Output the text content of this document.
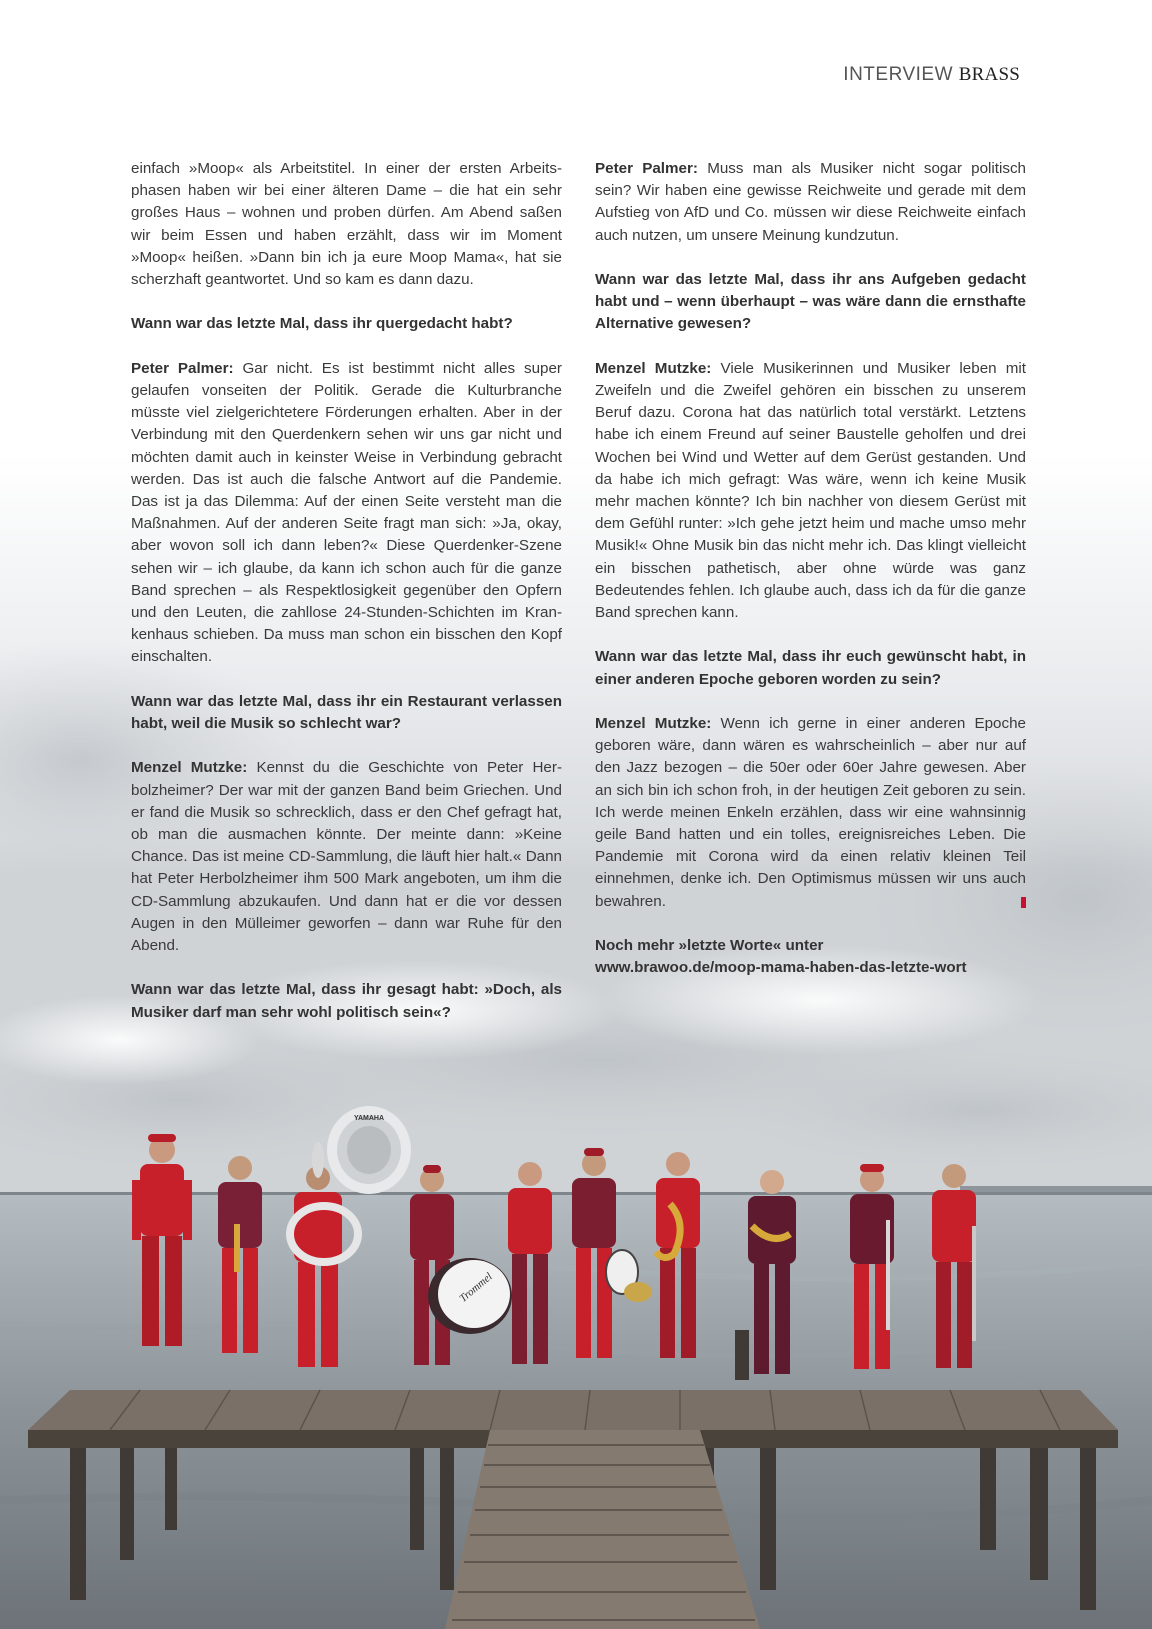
YAMAHA
Trommel
INTERVIEW BRASS

einfach »Moop« als Arbeitstitel. In einer der ersten Arbeitsphasen haben wir bei einer älteren Dame – die hat ein sehr großes Haus – wohnen und proben dürfen. Am Abend saßen wir beim Essen und haben erzählt, dass wir im Moment »Moop« heißen. »Dann bin ich ja eure Moop Mama«, hat sie scherzhaft geantwortet. Und so kam es dann dazu.

Wann war das letzte Mal, dass ihr quergedacht habt?

Peter Palmer: Gar nicht. Es ist bestimmt nicht alles super gelaufen vonseiten der Politik. Gerade die Kulturbranche müsste viel zielgerichtetere Förderungen erhalten. Aber in der Verbindung mit den Querdenkern sehen wir uns gar nicht und möchten damit auch in keinster Weise in Verbindung gebracht werden. Das ist auch die falsche Antwort auf die Pandemie. Das ist ja das Dilemma: Auf der einen Seite versteht man die Maßnahmen. Auf der anderen Seite fragt man sich: »Ja, okay, aber wovon soll ich dann leben?« Diese Querdenker-Szene sehen wir – ich glaube, da kann ich schon auch für die ganze Band sprechen – als Respektlosigkeit gegenüber den Opfern und den Leuten, die zahllose 24-Stunden-Schichten im Krankenhaus schieben. Da muss man schon ein bisschen den Kopf einschalten.

Wann war das letzte Mal, dass ihr ein Restaurant verlassen habt, weil die Musik so schlecht war?

Menzel Mutzke: Kennst du die Geschichte von Peter Herbolzheimer? Der war mit der ganzen Band beim Griechen. Und er fand die Musik so schrecklich, dass er den Chef gefragt hat, ob man die ausmachen könnte. Der meinte dann: »Keine Chance. Das ist meine CD-Sammlung, die läuft hier halt.« Dann hat Peter Herbolzheimer ihm 500 Mark angeboten, um ihm die CD-Sammlung abzukaufen. Und dann hat er die vor dessen Augen in den Mülleimer geworfen – dann war Ruhe für den Abend.

Wann war das letzte Mal, dass ihr gesagt habt: »Doch, als Musiker darf man sehr wohl politisch sein«?

Peter Palmer: Muss man als Musiker nicht sogar politisch sein? Wir haben eine gewisse Reichweite und gerade mit dem Aufstieg von AfD und Co. müssen wir diese Reichweite einfach auch nutzen, um unsere Meinung kundzutun.

Wann war das letzte Mal, dass ihr ans Aufgeben gedacht habt und – wenn überhaupt – was wäre dann die ernsthafte Alternative gewesen?

Menzel Mutzke: Viele Musikerinnen und Musiker leben mit Zweifeln und die Zweifel gehören ein bisschen zu unserem Beruf dazu. Corona hat das natürlich total verstärkt. Letztens habe ich einem Freund auf seiner Baustelle geholfen und drei Wochen bei Wind und Wetter auf dem Gerüst gestanden. Und da habe ich mich gefragt: Was wäre, wenn ich keine Musik mehr machen könnte? Ich bin nachher von diesem Gerüst mit dem Gefühl runter: »Ich gehe jetzt heim und mache umso mehr Musik!« Ohne Musik bin das nicht mehr ich. Das klingt vielleicht ein bisschen pathetisch, aber ohne würde was ganz Bedeutendes fehlen. Ich glaube auch, dass ich da für die ganze Band sprechen kann.

Wann war das letzte Mal, dass ihr euch gewünscht habt, in einer anderen Epoche geboren worden zu sein?

Menzel Mutzke: Wenn ich gerne in einer anderen Epoche geboren wäre, dann wären es wahrscheinlich – aber nur auf den Jazz bezogen – die 50er oder 60er Jahre gewesen. Aber an sich bin ich schon froh, in der heutigen Zeit geboren zu sein. Ich werde meinen Enkeln erzählen, dass wir eine wahnsinnig geile Band hatten und ein tolles, ereignisreiches Leben. Die Pandemie mit Corona wird da einen relativ kleinen Teil einnehmen, denke ich. Den Optimismus müssen wir uns auch bewahren.

Noch mehr »letzte Worte« unter
www.brawoo.de/moop-mama-haben-das-letzte-wort
